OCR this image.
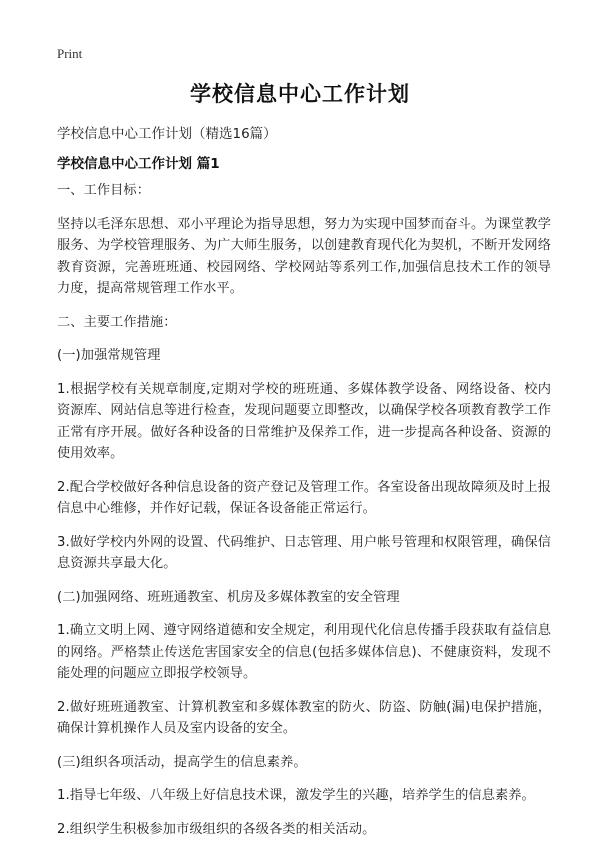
Print
学校信息中心工作计划
学校信息中心工作计划（精选16篇）
学校信息中心工作计划 篇1

一、工作目标：

坚持以毛泽东思想、邓小平理论为指导思想，努力为实现中国梦而奋斗。为课堂教学服务、为学校管理服务、为广大师生服务，以创建教育现代化为契机，不断开发网络教育资源，完善班班通、校园网络、学校网站等系列工作,加强信息技术工作的领导力度，提高常规管理工作水平。

二、主要工作措施：

(一)加强常规管理

1.根据学校有关规章制度,定期对学校的班班通、多媒体教学设备、网络设备、校内资源库、网站信息等进行检查，发现问题要立即整改，以确保学校各项教育教学工作正常有序开展。做好各种设备的日常维护及保养工作，进一步提高各种设备、资源的使用效率。

2.配合学校做好各种信息设备的资产登记及管理工作。各室设备出现故障须及时上报信息中心维修，并作好记载，保证各设备能正常运行。

3.做好学校内外网的设置、代码维护、日志管理、用户帐号管理和权限管理，确保信息资源共享最大化。

(二)加强网络、班班通教室、机房及多媒体教室的安全管理

1.确立文明上网、遵守网络道德和安全规定，利用现代化信息传播手段获取有益信息的网络。严格禁止传送危害国家安全的信息(包括多媒体信息)、不健康资料，发现不能处理的问题应立即报学校领导。

2.做好班班通教室、计算机教室和多媒体教室的防火、防盗、防触(漏)电保护措施，确保计算机操作人员及室内设备的安全。

(三)组织各项活动，提高学生的信息素养。

1.指导七年级、八年级上好信息技术课，激发学生的兴趣，培养学生的信息素养。

2.组织学生积极参加市级组织的各级各类的相关活动。
